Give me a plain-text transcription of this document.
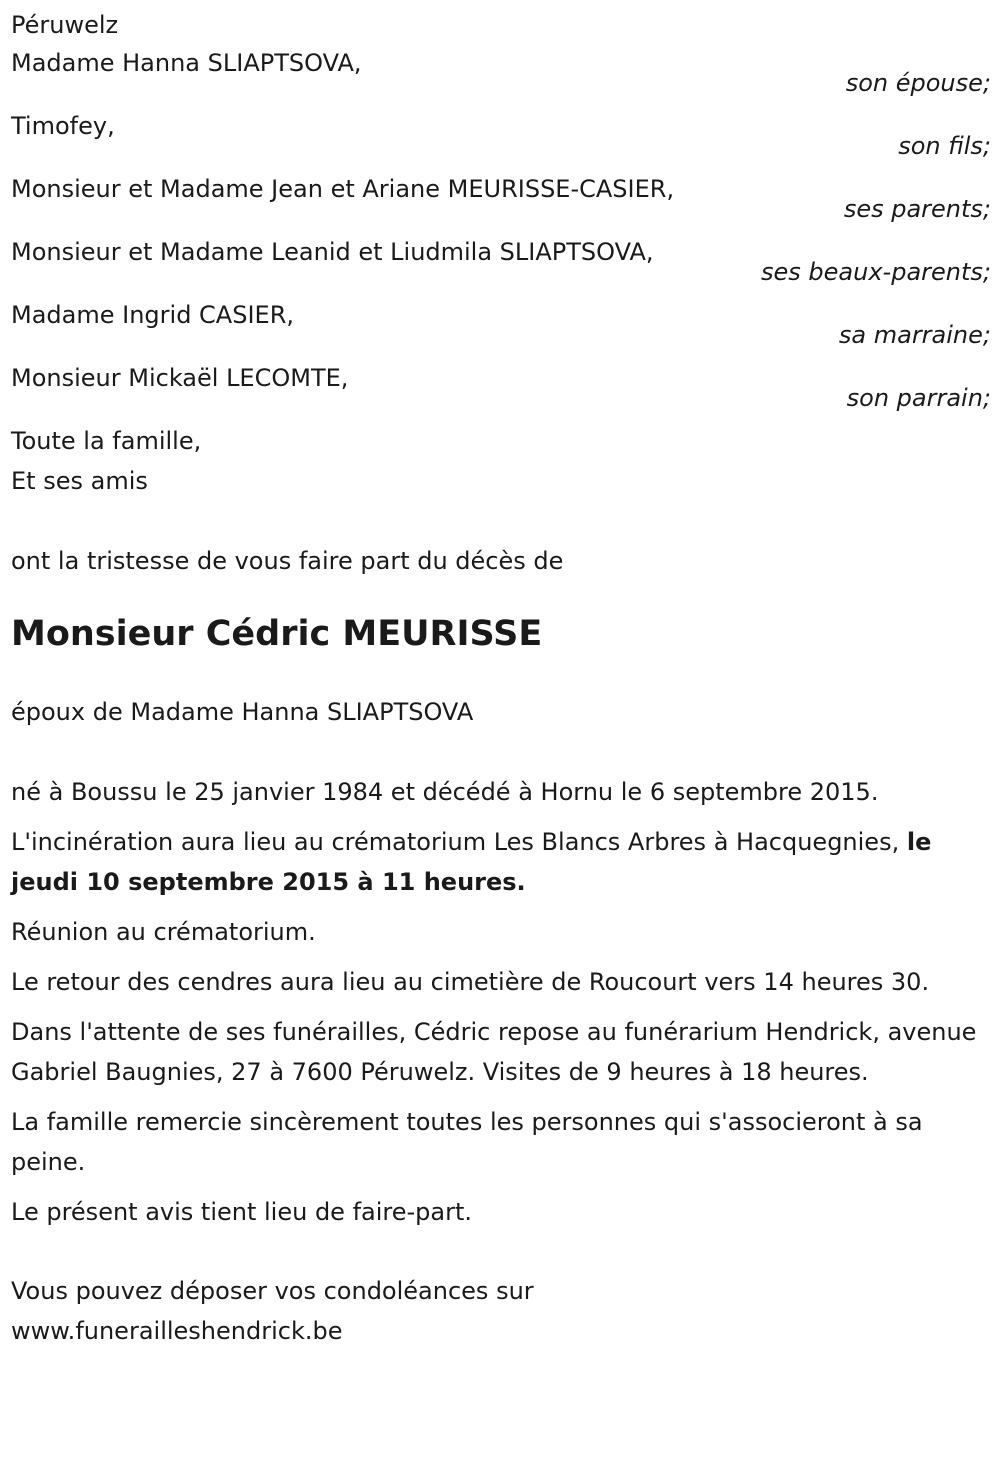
Péruwelz
Madame Hanna SLIAPTSOVA,
son épouse;
Timofey,
son fils;
Monsieur et Madame Jean et Ariane MEURISSE-CASIER,
ses parents;
Monsieur et Madame Leanid et Liudmila SLIAPTSOVA,
ses beaux-parents;
Madame Ingrid CASIER,
sa marraine;
Monsieur Mickaël LECOMTE,
son parrain;
Toute la famille,
Et ses amis
ont la tristesse de vous faire part du décès de
Monsieur Cédric MEURISSE
époux de Madame Hanna SLIAPTSOVA
né à Boussu le 25 janvier 1984 et décédé à Hornu le 6 septembre 2015.
L'incinération aura lieu au crématorium Les Blancs Arbres à Hacquegnies, le jeudi 10 septembre 2015 à 11 heures.
Réunion au crématorium.
Le retour des cendres aura lieu au cimetière de Roucourt vers 14 heures 30.
Dans l'attente de ses funérailles, Cédric repose au funérarium Hendrick, avenue Gabriel Baugnies, 27 à 7600 Péruwelz. Visites de 9 heures à 18 heures.
La famille remercie sincèrement toutes les personnes qui s'associeront à sa peine.
Le présent avis tient lieu de faire-part.
Vous pouvez déposer vos condoléances sur
www.funerailleshendrick.be
